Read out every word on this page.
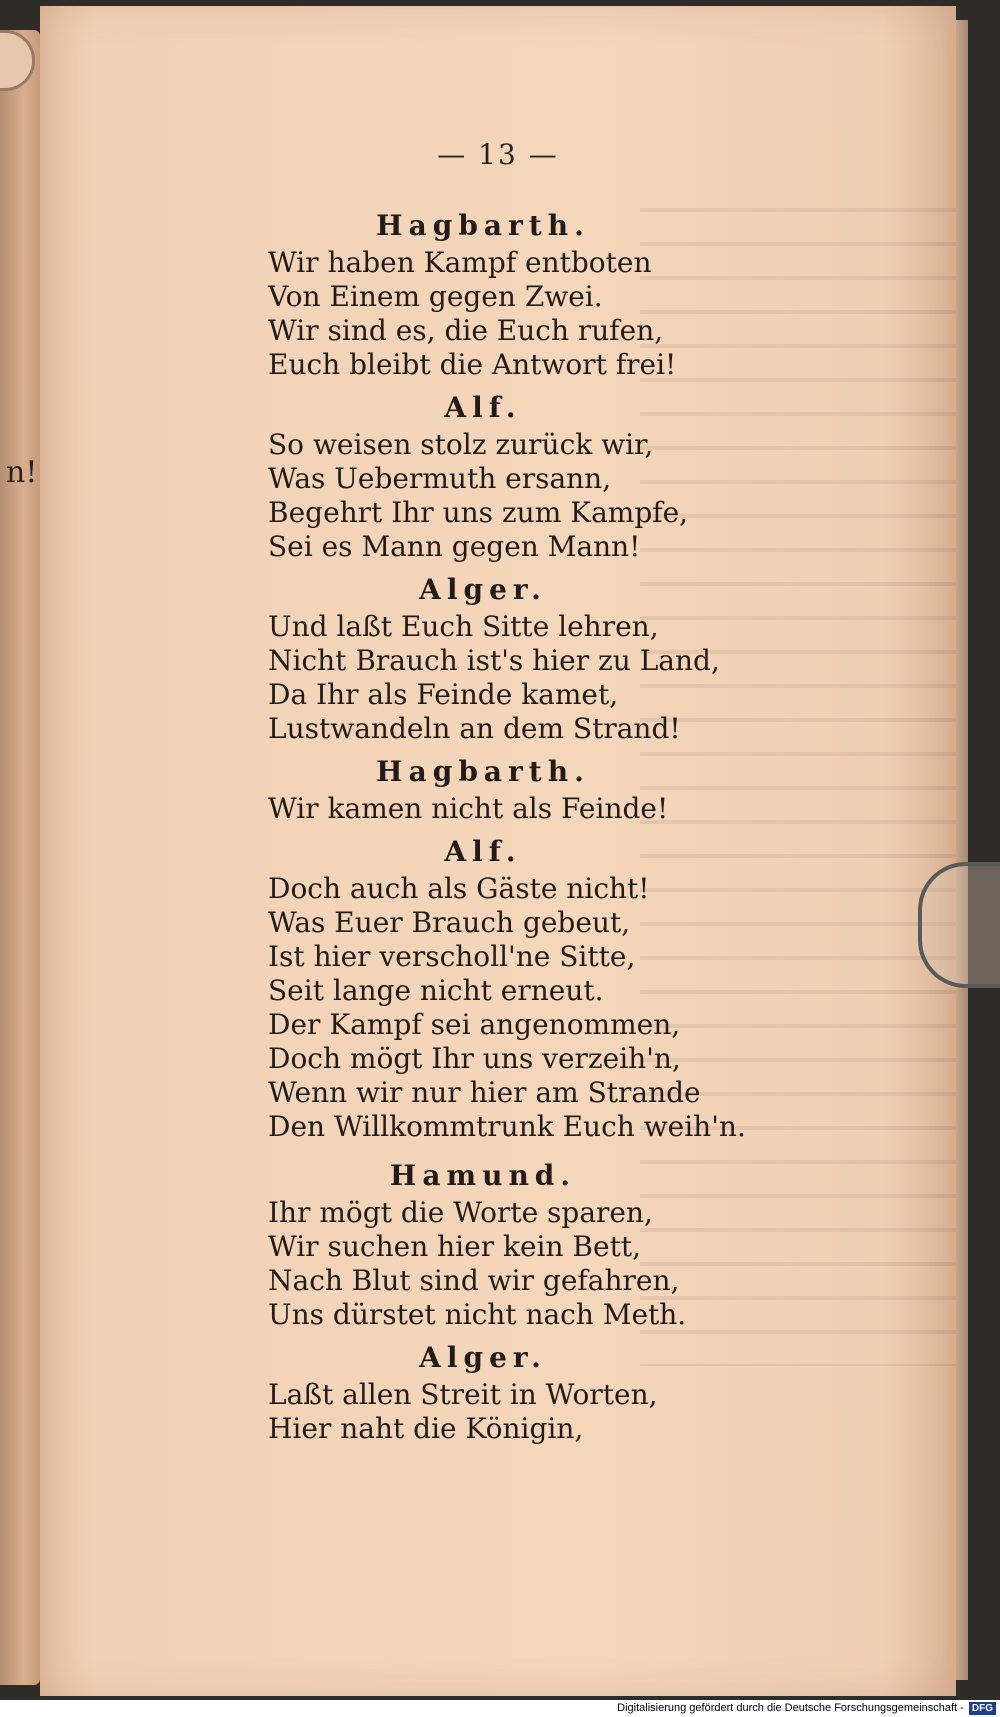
n!
— 13 —
Hagbarth.
Wir haben Kampf entboten
Von Einem gegen Zwei.
Wir sind es, die Euch rufen,
Euch bleibt die Antwort frei!
Alf.
So weisen stolz zurück wir,
Was Uebermuth ersann,
Begehrt Ihr uns zum Kampfe,
Sei es Mann gegen Mann!
Alger.
Und laßt Euch Sitte lehren,
Nicht Brauch ist's hier zu Land,
Da Ihr als Feinde kamet,
Lustwandeln an dem Strand!
Hagbarth.
Wir kamen nicht als Feinde!
Alf.
Doch auch als Gäste nicht!
Was Euer Brauch gebeut,
Ist hier verscholl'ne Sitte,
Seit lange nicht erneut.
Der Kampf sei angenommen,
Doch mögt Ihr uns verzeih'n,
Wenn wir nur hier am Strande
Den Willkommtrunk Euch weih'n.
Hamund.
Ihr mögt die Worte sparen,
Wir suchen hier kein Bett,
Nach Blut sind wir gefahren,
Uns dürstet nicht nach Meth.
Alger.
Laßt allen Streit in Worten,
Hier naht die Königin,
Digitalisierung gefördert durch die Deutsche Forschungsgemeinschaft - DFG
